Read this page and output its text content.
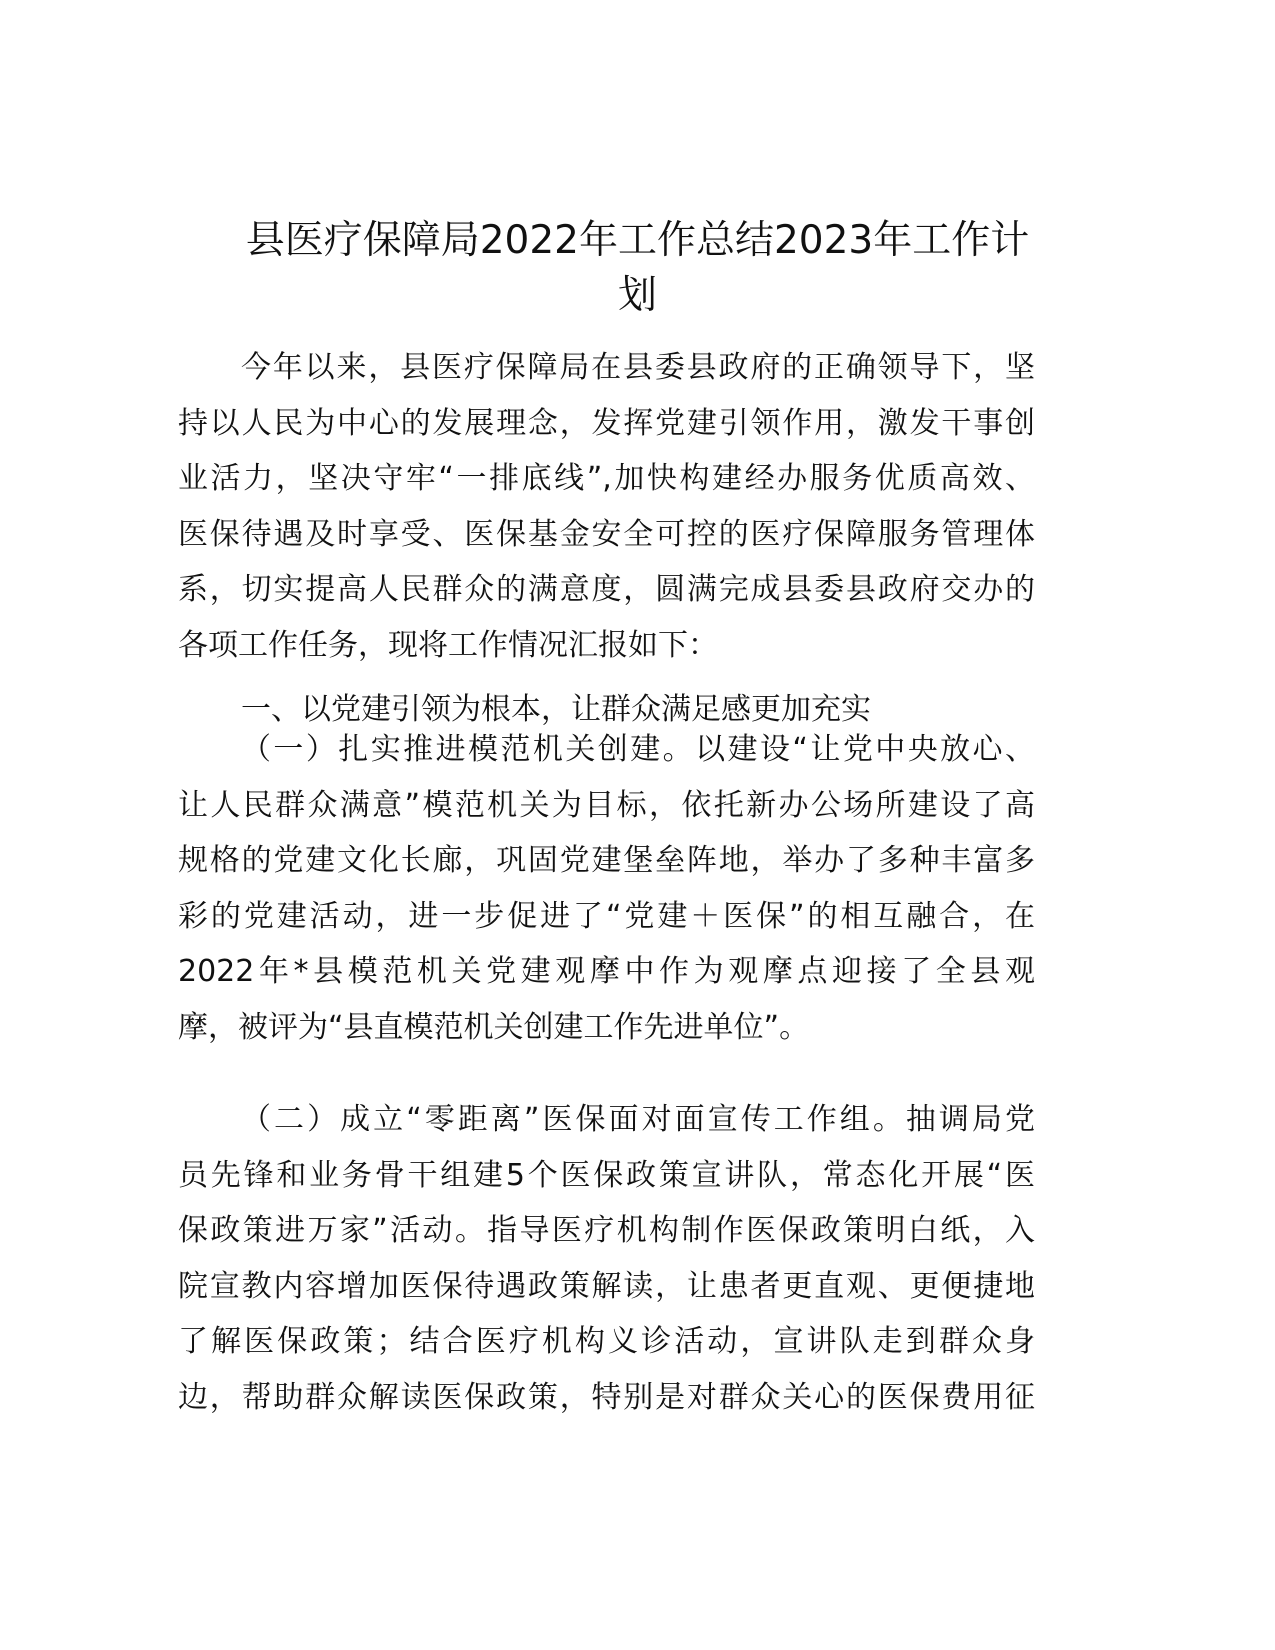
县医疗保障局2022年工作总结2023年工作计
划
今年以来，县医疗保障局在县委县政府的正确领导下，坚
持以人民为中心的发展理念，发挥党建引领作用，激发干事创
业活力，坚决守牢“一排底线”,加快构建经办服务优质高效、
医保待遇及时享受、医保基金安全可控的医疗保障服务管理体
系，切实提高人民群众的满意度，圆满完成县委县政府交办的
各项工作任务，现将工作情况汇报如下：
一、以党建引领为根本，让群众满足感更加充实
（一）扎实推进模范机关创建。以建设“让党中央放心、
让人民群众满意”模范机关为目标，依托新办公场所建设了高
规格的党建文化长廊，巩固党建堡垒阵地，举办了多种丰富多
彩的党建活动，进一步促进了“党建＋医保”的相互融合，在
2022年*县模范机关党建观摩中作为观摩点迎接了全县观
摩，被评为“县直模范机关创建工作先进单位”。
（二）成立“零距离”医保面对面宣传工作组。抽调局党
员先锋和业务骨干组建5个医保政策宣讲队，常态化开展“医
保政策进万家”活动。指导医疗机构制作医保政策明白纸，入
院宣教内容增加医保待遇政策解读，让患者更直观、更便捷地
了解医保政策；结合医疗机构义诊活动，宣讲队走到群众身
边，帮助群众解读医保政策，特别是对群众关心的医保费用征
